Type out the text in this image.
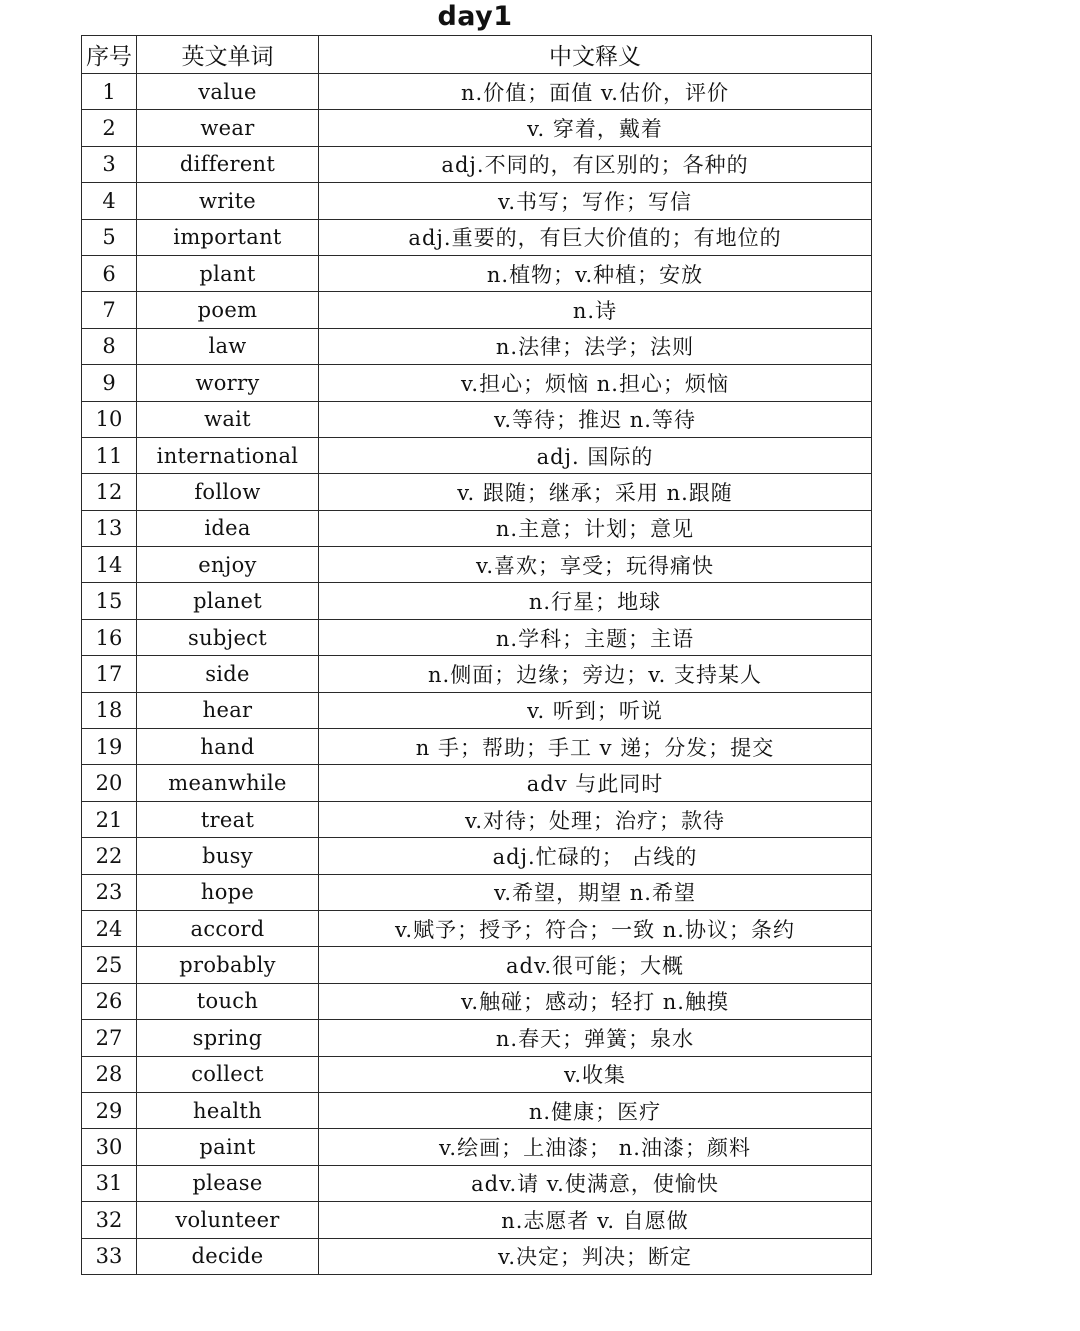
day1
序号	英文单词	中文释义
1	value	n.价值；面值 v.估价，评价
2	wear	v. 穿着，戴着
3	different	adj.不同的，有区别的；各种的
4	write	v.书写；写作；写信
5	important	adj.重要的，有巨大价值的；有地位的
6	plant	n.植物；v.种植；安放
7	poem	n.诗
8	law	n.法律；法学；法则
9	worry	v.担心；烦恼 n.担心；烦恼
10	wait	v.等待；推迟 n.等待
11	international	adj. 国际的
12	follow	v. 跟随；继承；采用 n.跟随
13	idea	n.主意；计划；意见
14	enjoy	v.喜欢；享受；玩得痛快
15	planet	n.行星；地球
16	subject	n.学科；主题；主语
17	side	n.侧面；边缘；旁边；v. 支持某人
18	hear	v. 听到；听说
19	hand	n 手；帮助；手工 v 递；分发；提交
20	meanwhile	adv 与此同时
21	treat	v.对待；处理；治疗；款待
22	busy	adj.忙碌的； 占线的
23	hope	v.希望，期望 n.希望
24	accord	v.赋予；授予；符合；一致 n.协议；条约
25	probably	adv.很可能；大概
26	touch	v.触碰；感动；轻打 n.触摸
27	spring	n.春天；弹簧；泉水
28	collect	v.收集
29	health	n.健康；医疗
30	paint	v.绘画；上油漆； n.油漆；颜料
31	please	adv.请 v.使满意，使愉快
32	volunteer	n.志愿者 v. 自愿做
33	decide	v.决定；判决；断定
